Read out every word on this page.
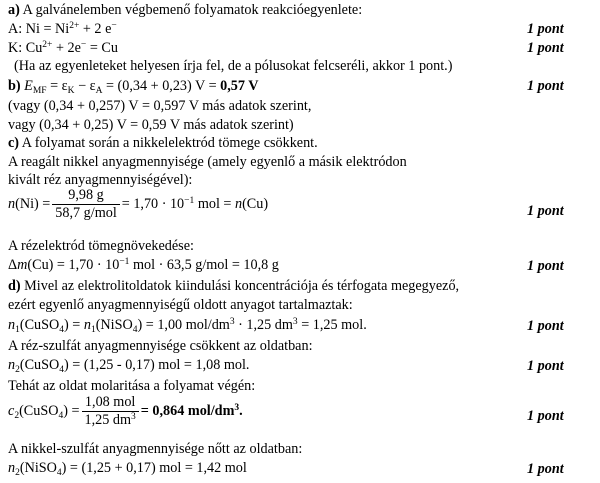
a) A galvánelemben végbemenő folyamatok reakcióegyenlete:
A: $Ni = Ni^{2+} + 2$ e−	1 pont
K: $Cu^{2+} + 2e^- = Cu$	1 pont
(Ha az egyenleteket helyesen írja fel, de a pólusokat felcseréli, akkor 1 pont.)
b) $E_{MF} = \varepsilon_K - \varepsilon_A = (0,34 + 0,23) V = 0,57$ V	1 pont
(vagy (0,34 + 0,257) V = 0,597 V más adatok szerint,
vagy (0,34 + 0,25) V = 0,59 V más adatok szerint)
c) A folyamat során a nikkelelektród tömege csökkent.
A reagált nikkel anyagmennyisége (amely egyenlő a másik elektródon
kivált réz anyagmennyiségével):
$n(Ni) = \frac{9,98 g}{\text{58,7 g/mol}} = 1,70 \cdot 10^{-1}$ mol = n(Cu)	1 pont
A rézelektród tömegnövekedése:
$\Delta m(Cu) = 1,70 \cdot 10^{-1}$ mol · 63,5 g/mol = 10,8 g	1 pont
d) Mivel az elektrolitoldatok kiindulási koncentrációja és térfogata megegyező,
ezért egyenlő anyagmennyiségű oldott anyagot tartalmaztak:
$n_1(CuSO_4)$ = $n_1(NiSO_4) = 1,00$ mol/$dm^3 \cdot 1,25$ $dm^3 = 1,25$ mol.	1 pont
A réz-szulfát anyagmennyisége csökkent az oldatban:
$n_2(CuSO_4) = (1,25 - 0,17)$ mol = 1,08 mol.	1 pont
Tehát az oldat molaritása a folyamat végén:
$c_2(CuSO_4) = \frac{\text{1,08 mol}}{1,25 dm^3} = 0,864$ mol/$dm^3$.	1 pont
A nikkel-szulfát anyagmennyisége nőtt az oldatban:
$n_2(NiSO_4) = (1,25 + 0,17)$ mol = 1,42 mol	1 pont
